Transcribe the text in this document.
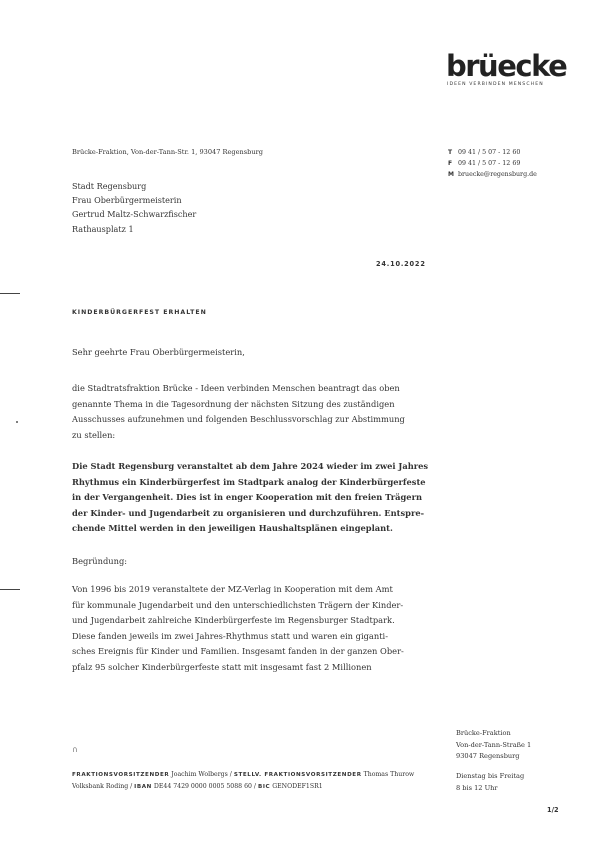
brüecke
IDEEN VERBINDEN MENSCHEN
Brücke-Fraktion, Von-der-Tann-Str. 1, 93047 Regensburg	T 09 41 / 5 07 - 12 60
F 09 41 / 5 07 - 12 69
M bruecke@regensburg.de
Stadt Regensburg
Frau Oberbürgermeisterin
Gertrud Maltz-Schwarzfischer
Rathausplatz 1
24.10.2022
KINDERBÜRGERFEST ERHALTEN
Sehr geehrte Frau Oberbürgermeisterin,
die Stadtratsfraktion Brücke - Ideen verbinden Menschen beantragt das oben
genannte Thema in die Tagesordnung der nächsten Sitzung des zuständigen
Ausschusses aufzunehmen und folgenden Beschlussvorschlag zur Abstimmung
zu stellen:
Die Stadt Regensburg veranstaltet ab dem Jahre 2024 wieder im zwei Jahres
Rhythmus ein Kinderbürgerfest im Stadtpark analog der Kinderbürgerfeste
in der Vergangenheit. Dies ist in enger Kooperation mit den freien Trägern
der Kinder- und Jugendarbeit zu organisieren und durchzuführen. Entspre-
chende Mittel werden in den jeweiligen Haushaltsplänen eingeplant.
Begründung:
Von 1996 bis 2019 veranstaltete der MZ-Verlag in Kooperation mit dem Amt
für kommunale Jugendarbeit und den unterschiedlichsten Trägern der Kinder-
und Jugendarbeit zahlreiche Kinderbürgerfeste im Regensburger Stadtpark.
Diese fanden jeweils im zwei Jahres-Rhythmus statt und waren ein giganti-
sches Ereignis für Kinder und Familien. Insgesamt fanden in der ganzen Ober-
pfalz 95 solcher Kinderbürgerfeste statt mit insgesamt fast 2 Millionen
∩
Brücke-Fraktion
Von-der-Tann-Straße 1
93047 Regensburg
Dienstag bis Freitag
8 bis 12 Uhr
FRAKTIONSVORSITZENDER Joachim Wolbergs / STELLV. FRAKTIONSVORSITZENDER Thomas Thurow
Volksbank Roding / IBAN DE44 7429 0000 0005 5088 60 / BIC GENODEF1SR1
1/2
